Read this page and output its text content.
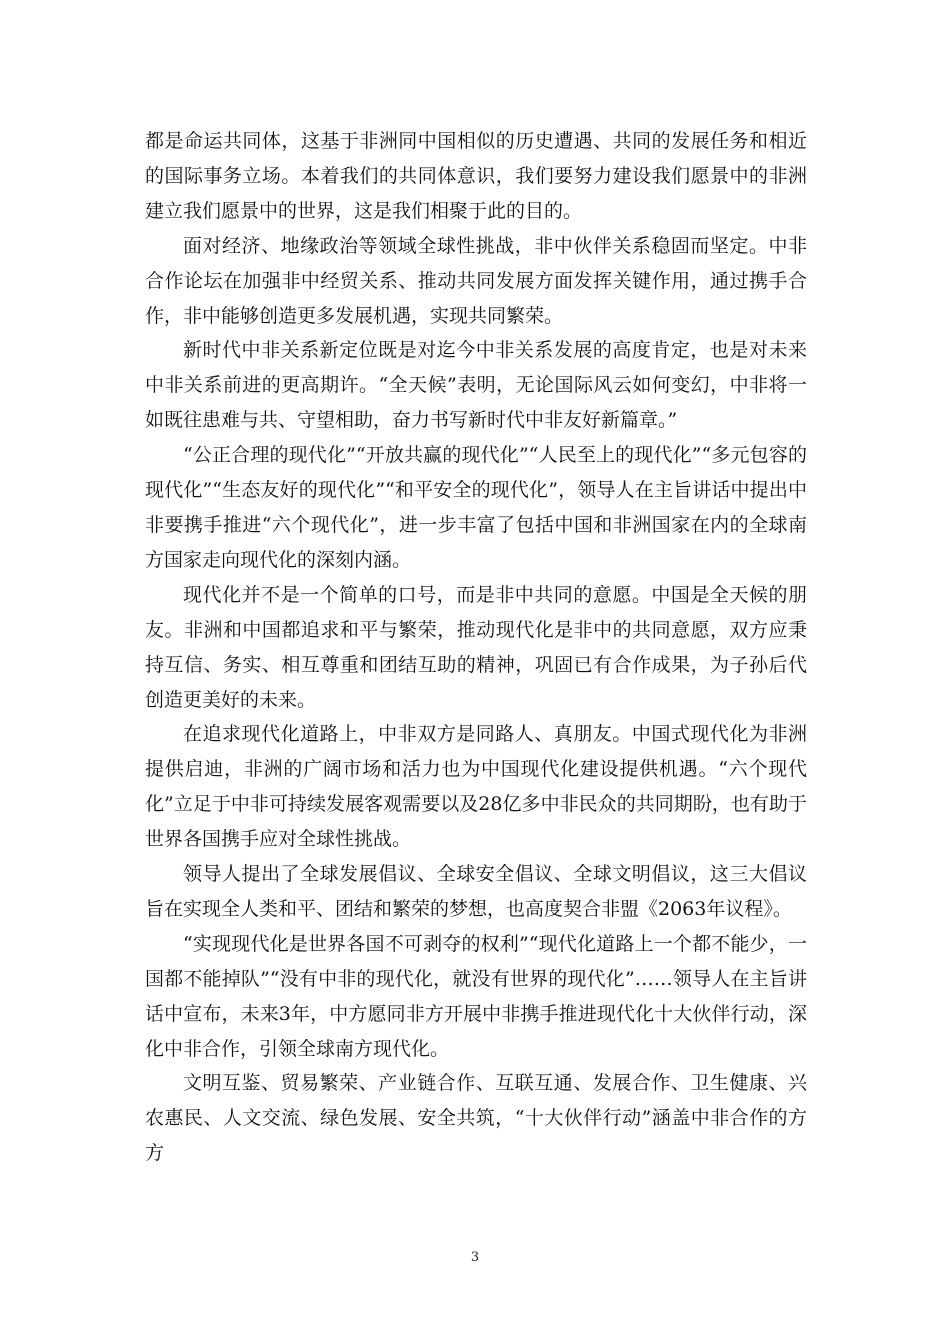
都是命运共同体，这基于非洲同中国相似的历史遭遇、共同的发展任务和相近的国际事务立场。本着我们的共同体意识，我们要努力建设我们愿景中的非洲建立我们愿景中的世界，这是我们相聚于此的目的。

面对经济、地缘政治等领域全球性挑战，非中伙伴关系稳固而坚定。中非合作论坛在加强非中经贸关系、推动共同发展方面发挥关键作用，通过携手合作，非中能够创造更多发展机遇，实现共同繁荣。

新时代中非关系新定位既是对迄今中非关系发展的高度肯定，也是对未来中非关系前进的更高期许。“全天候”表明，无论国际风云如何变幻，中非将一如既往患难与共、守望相助，奋力书写新时代中非友好新篇章。”

“公正合理的现代化”“开放共赢的现代化”“人民至上的现代化”“多元包容的现代化”“生态友好的现代化”“和平安全的现代化”，领导人在主旨讲话中提出中非要携手推进“六个现代化”，进一步丰富了包括中国和非洲国家在内的全球南方国家走向现代化的深刻内涵。

现代化并不是一个简单的口号，而是非中共同的意愿。中国是全天候的朋友。非洲和中国都追求和平与繁荣，推动现代化是非中的共同意愿，双方应秉持互信、务实、相互尊重和团结互助的精神，巩固已有合作成果，为子孙后代创造更美好的未来。

在追求现代化道路上，中非双方是同路人、真朋友。中国式现代化为非洲提供启迪，非洲的广阔市场和活力也为中国现代化建设提供机遇。“六个现代化”立足于中非可持续发展客观需要以及28亿多中非民众的共同期盼，也有助于世界各国携手应对全球性挑战。

领导人提出了全球发展倡议、全球安全倡议、全球文明倡议，这三大倡议旨在实现全人类和平、团结和繁荣的梦想，也高度契合非盟《2063年议程》。

“实现现代化是世界各国不可剥夺的权利”“现代化道路上一个都不能少，一国都不能掉队”“没有中非的现代化，就没有世界的现代化”……领导人在主旨讲话中宣布，未来3年，中方愿同非方开展中非携手推进现代化十大伙伴行动，深化中非合作，引领全球南方现代化。

文明互鉴、贸易繁荣、产业链合作、互联互通、发展合作、卫生健康、兴农惠民、人文交流、绿色发展、安全共筑，“十大伙伴行动”涵盖中非合作的方方

3
